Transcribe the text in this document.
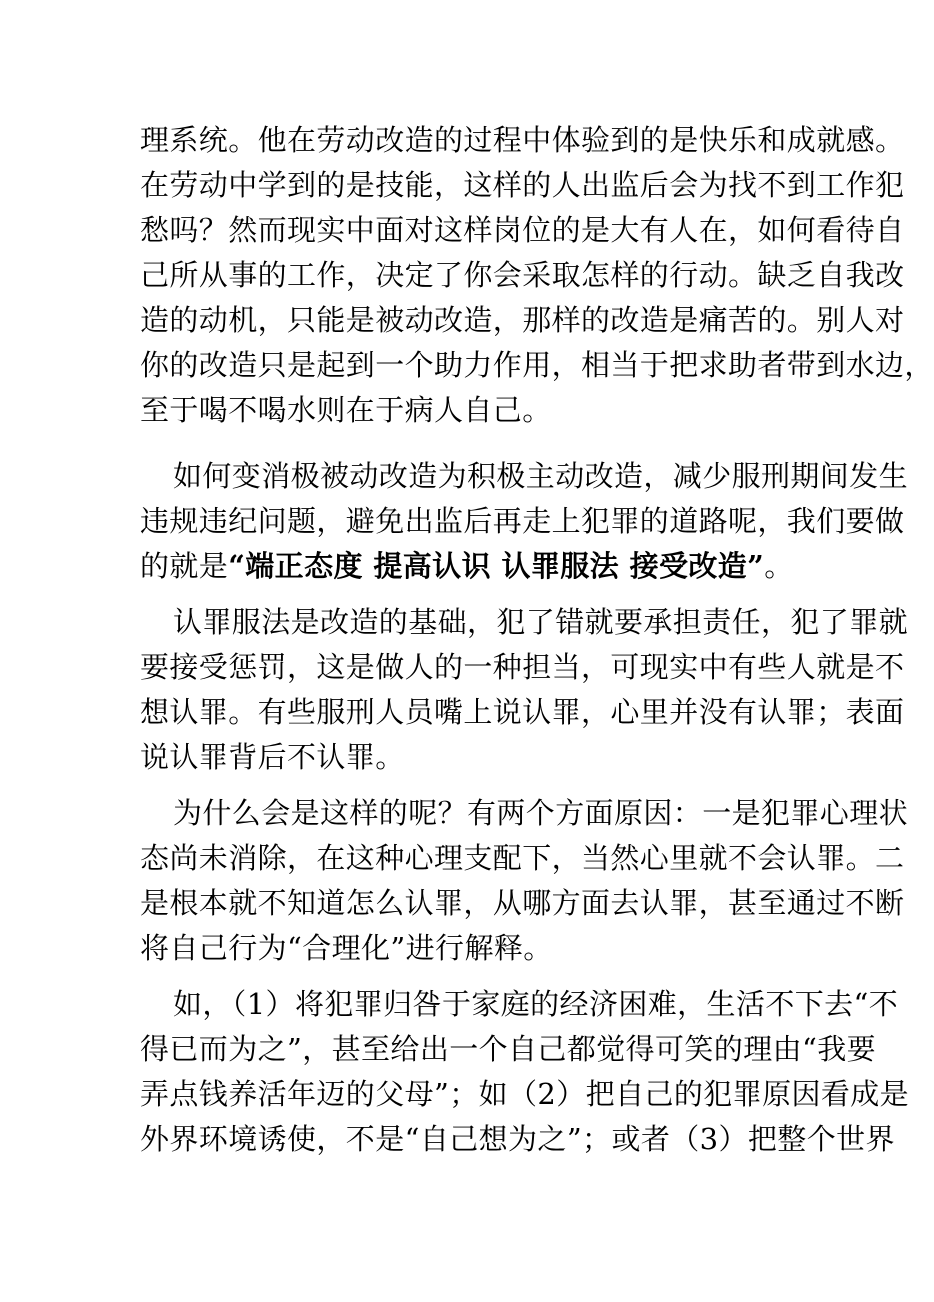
理系统。他在劳动改造的过程中体验到的是快乐和成就感。
在劳动中学到的是技能，这样的人出监后会为找不到工作犯
愁吗？然而现实中面对这样岗位的是大有人在，如何看待自
己所从事的工作，决定了你会采取怎样的行动。缺乏自我改
造的动机，只能是被动改造，那样的改造是痛苦的。别人对
你的改造只是起到一个助力作用，相当于把求助者带到水边，
至于喝不喝水则在于病人自己。
如何变消极被动改造为积极主动改造，减少服刑期间发生
违规违纪问题，避免出监后再走上犯罪的道路呢，我们要做
的就是“端正态度 提高认识 认罪服法 接受改造”。
认罪服法是改造的基础，犯了错就要承担责任，犯了罪就
要接受惩罚，这是做人的一种担当，可现实中有些人就是不
想认罪。有些服刑人员嘴上说认罪，心里并没有认罪；表面
说认罪背后不认罪。
为什么会是这样的呢？有两个方面原因：一是犯罪心理状
态尚未消除，在这种心理支配下，当然心里就不会认罪。二
是根本就不知道怎么认罪，从哪方面去认罪，甚至通过不断
将自己行为“合理化”进行解释。
如，（1）将犯罪归咎于家庭的经济困难，生活不下去“不
得已而为之”，甚至给出一个自己都觉得可笑的理由“我要
弄点钱养活年迈的父母”；如（2）把自己的犯罪原因看成是
外界环境诱使，不是“自己想为之”；或者（3）把整个世界
